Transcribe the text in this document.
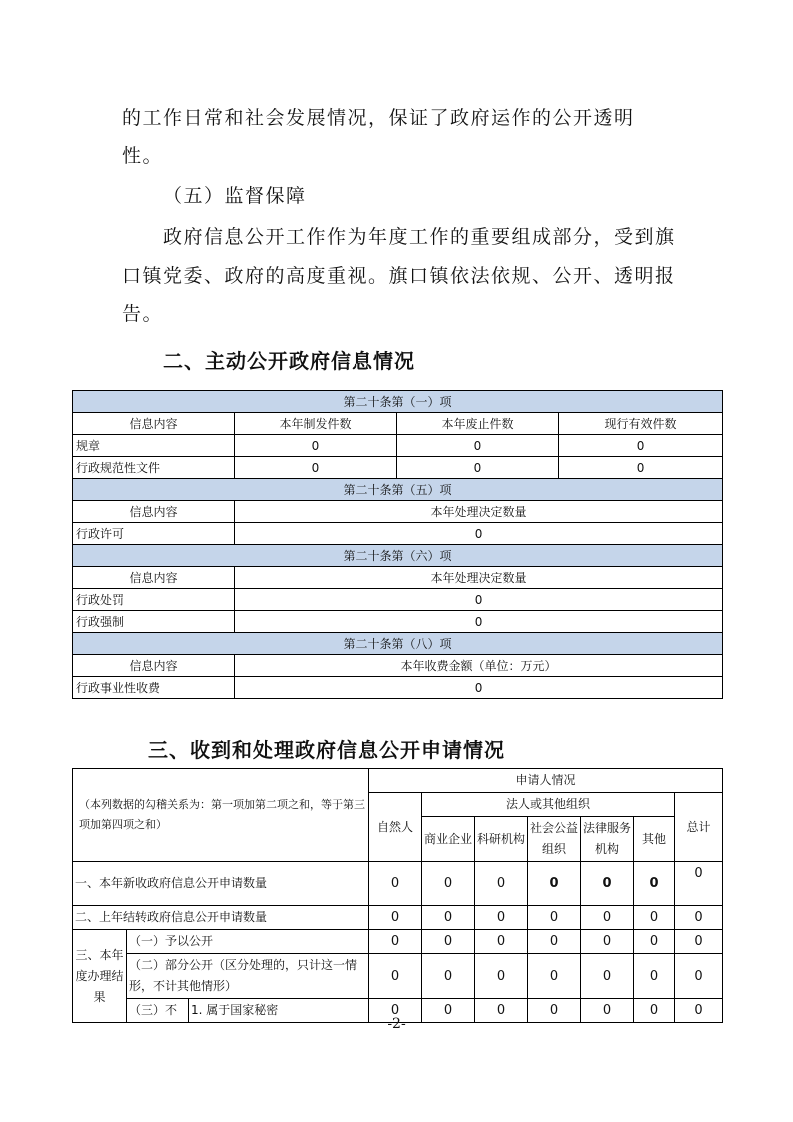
的工作日常和社会发展情况，保证了政府运作的公开透明

性。

（五）监督保障

政府信息公开工作作为年度工作的重要组成部分，受到旗

口镇党委、政府的高度重视。旗口镇依法依规、公开、透明报

告。

二、主动公开政府信息情况
第二十条第（一）项			
信息内容	本年制发件数	本年废止件数	现行有效件数
规章	0	0	0
行政规范性文件	0	0	0
第二十条第（五）项			
信息内容	本年处理决定数量		
行政许可	0		
第二十条第（六）项			
信息内容	本年处理决定数量		
行政处罚	0		
行政强制	0		
第二十条第（八）项			
信息内容	本年收费金额（单位：万元）		
行政事业性收费	0		
三、收到和处理政府信息公开申请情况
（本列数据的勾稽关系为：第一项加第二项之和，等于第三项加第四项之和）			申请人情况						
			自然人	法人或其他组织					总计
				商业企业	科研机构	社会公益组织	法律服务机构	其他	
一、本年新收政府信息公开申请数量			0	0	0	0	0	0	0
二、上年结转政府信息公开申请数量			0	0	0	0	0	0	0
三、本年度办理结果	（一）予以公开		0	0	0	0	0	0	0
	（二）部分公开（区分处理的，只计这一情形，不计其他情形）		0	0	0	0	0	0	0
	（三）不	1. 属于国家秘密	0	0	0	0	0	0	0
-2-
